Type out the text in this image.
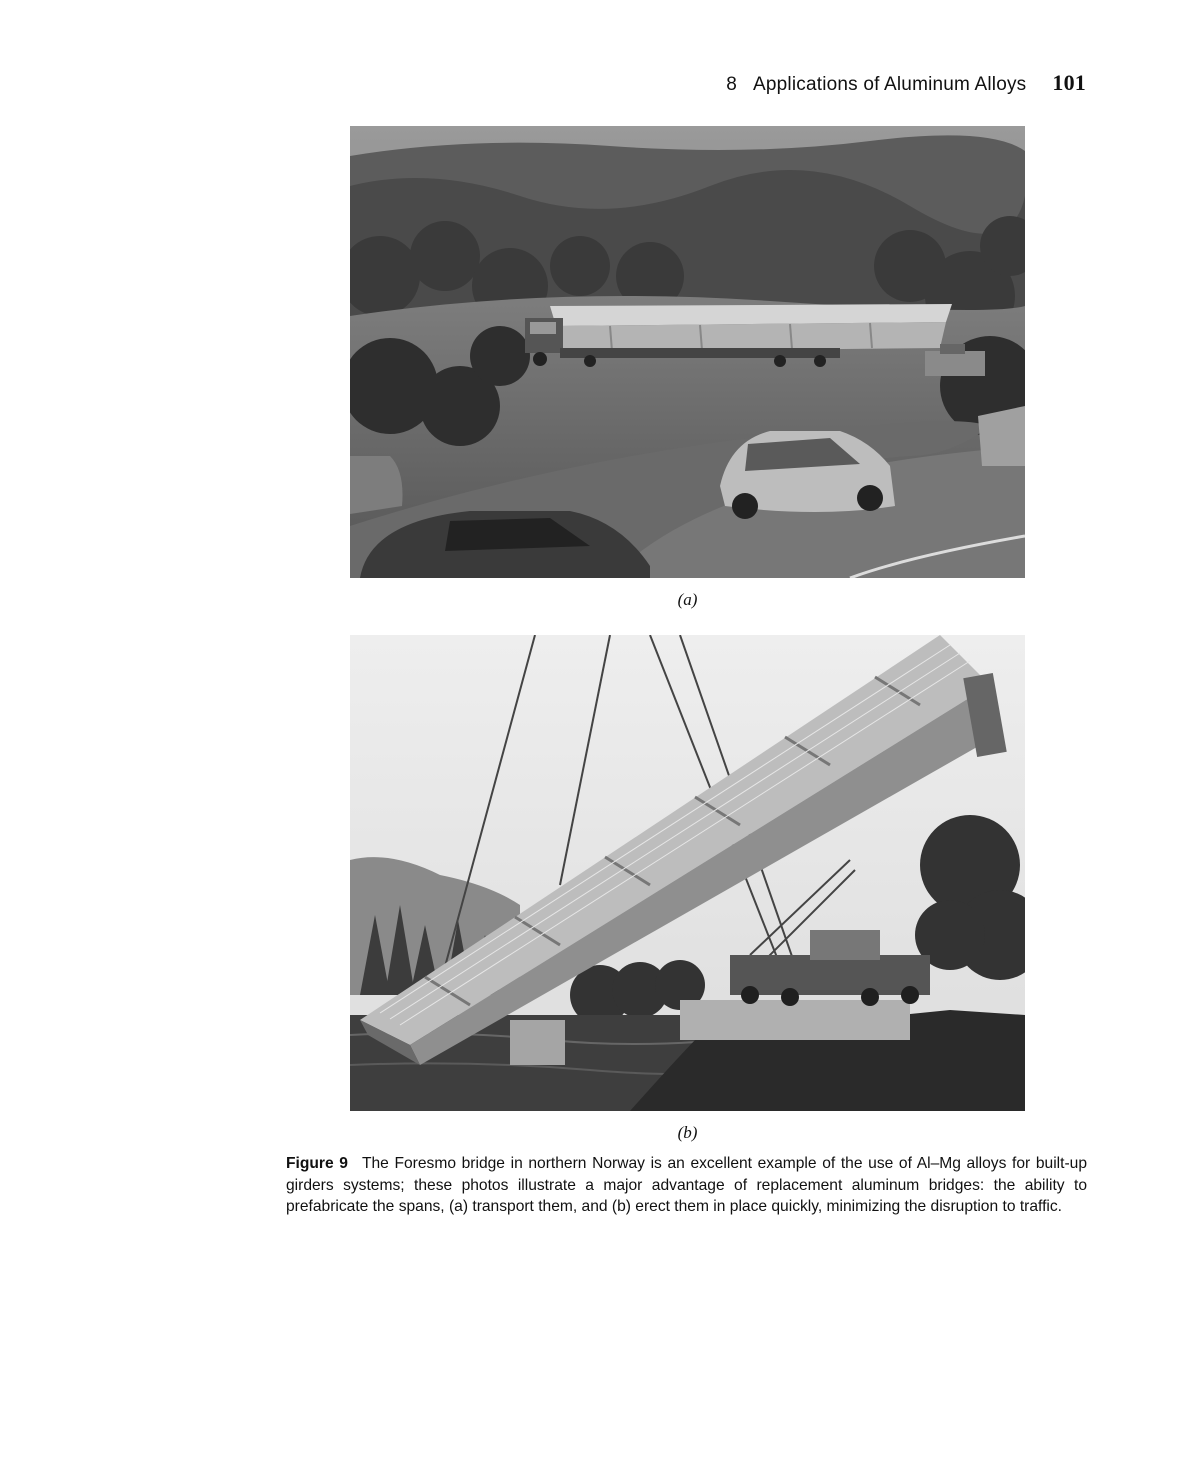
8 Applications of Aluminum Alloys 101
(a)
(b)
Figure 9 The Foresmo bridge in northern Norway is an excellent example of the use of Al–Mg alloys for built-up girders systems; these photos illustrate a major advantage of replacement aluminum bridges: the ability to prefabricate the spans, (a) transport them, and (b) erect them in place quickly, minimizing the disruption to traffic.
